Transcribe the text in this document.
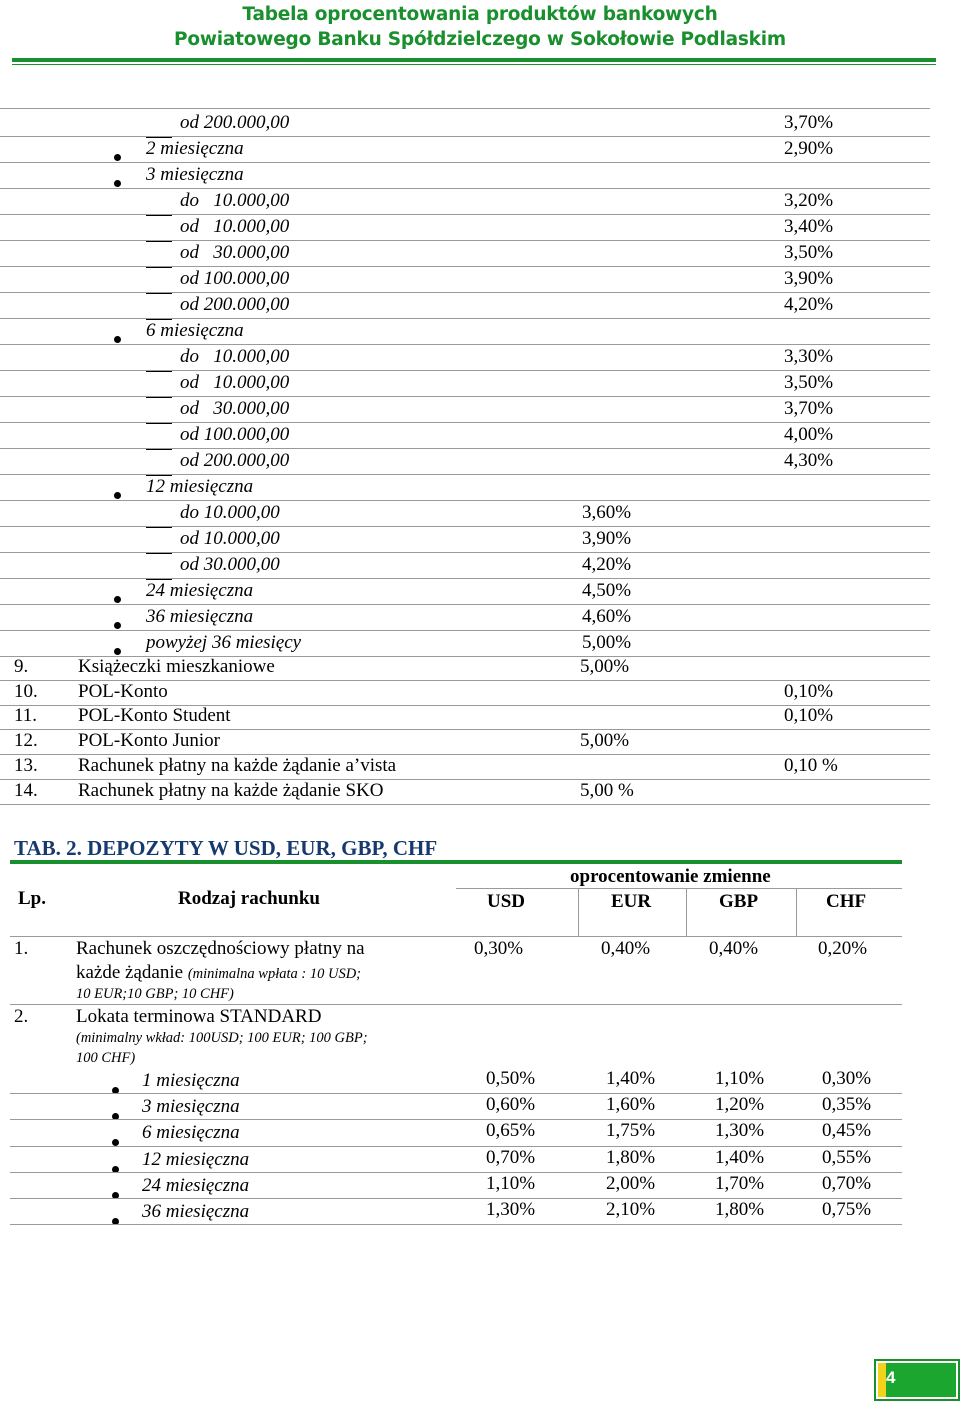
Tabela oprocentowania produktów bankowych
Powiatowego Banku Spółdzielczego w Sokołowie Podlaskim
od 200.000,00	3,70%
2 miesięczna	2,90%
3 miesięczna
do   10.000,00	3,20%
od   10.000,00	3,40%
od   30.000,00	3,50%
od 100.000,00	3,90%
od 200.000,00	4,20%
6 miesięczna
do   10.000,00	3,30%
od   10.000,00	3,50%
od   30.000,00	3,70%
od 100.000,00	4,00%
od 200.000,00	4,30%
12 miesięczna
do 10.000,00	3,60%
od 10.000,00	3,90%
od 30.000,00	4,20%
24 miesięczna	4,50%
36 miesięczna	4,60%
powyżej 36 miesięcy	5,00%
9.	Książeczki mieszkaniowe	5,00%
10. POL-Konto	0,10%
11. POL-Konto Student	0,10%
12. POL-Konto Junior	5,00%
13. Rachunek płatny na każde żądanie a’vista	0,10 %
14. Rachunek płatny na każde żądanie SKO	5,00 %
TAB. 2. DEPOZYTY W USD, EUR, GBP, CHF
Lp.	Rodzaj rachunku
oprocentowanie zmienne
USD	EUR	GBP	CHF
1.	Rachunek oszczędnościowy płatny na
każde żądanie (minimalna wpłata : 10 USD;
10 EUR;10 GBP; 10 CHF)
0,30%	0,40%	0,40%	0,20%
2.	Lokata terminowa STANDARD
(minimalny wkład: 100USD; 100 EUR; 100 GBP;
100 CHF)
1 miesięczna	0,50%	1,40%	1,10%	0,30%
3 miesięczna	0,60%	1,60%	1,20%	0,35%
6 miesięczna	0,65%	1,75%	1,30%	0,45%
12 miesięczna	0,70%	1,80%	1,40%	0,55%
24 miesięczna	1,10%	2,00%	1,70%	0,70%
36 miesięczna	1,30%	2,10%	1,80%	0,75%
4
